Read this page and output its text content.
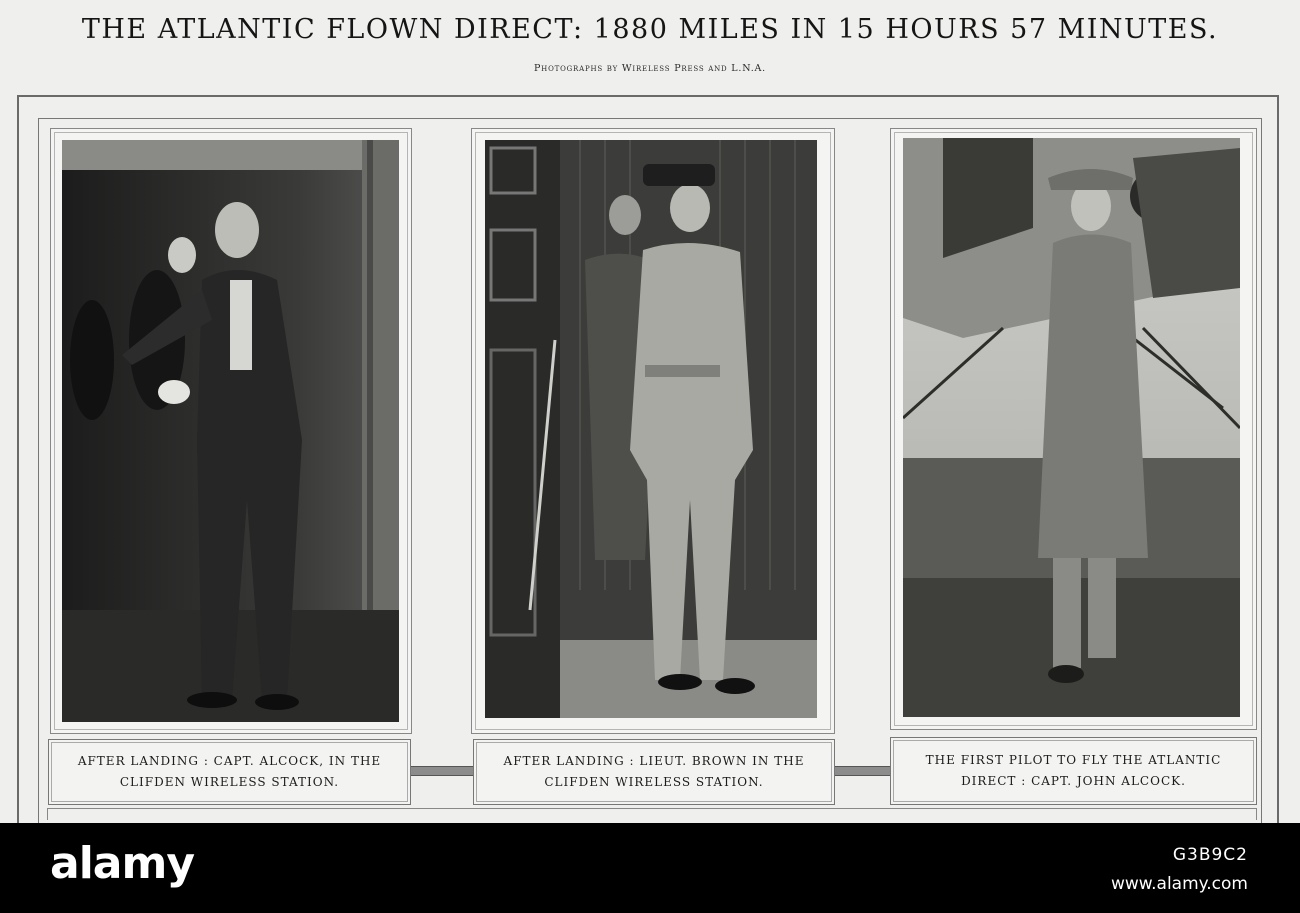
THE ATLANTIC FLOWN DIRECT: 1880 MILES IN 15 HOURS 57 MINUTES.
Photographs by Wireless Press and L.N.A.
AFTER LANDING : CAPT. ALCOCK, IN THE
CLIFDEN WIRELESS STATION.
AFTER LANDING : LIEUT. BROWN IN THE
CLIFDEN WIRELESS STATION.
THE FIRST PILOT TO FLY THE ATLANTIC
DIRECT : CAPT. JOHN ALCOCK.
alamy	G3B9C2
www.alamy.com
